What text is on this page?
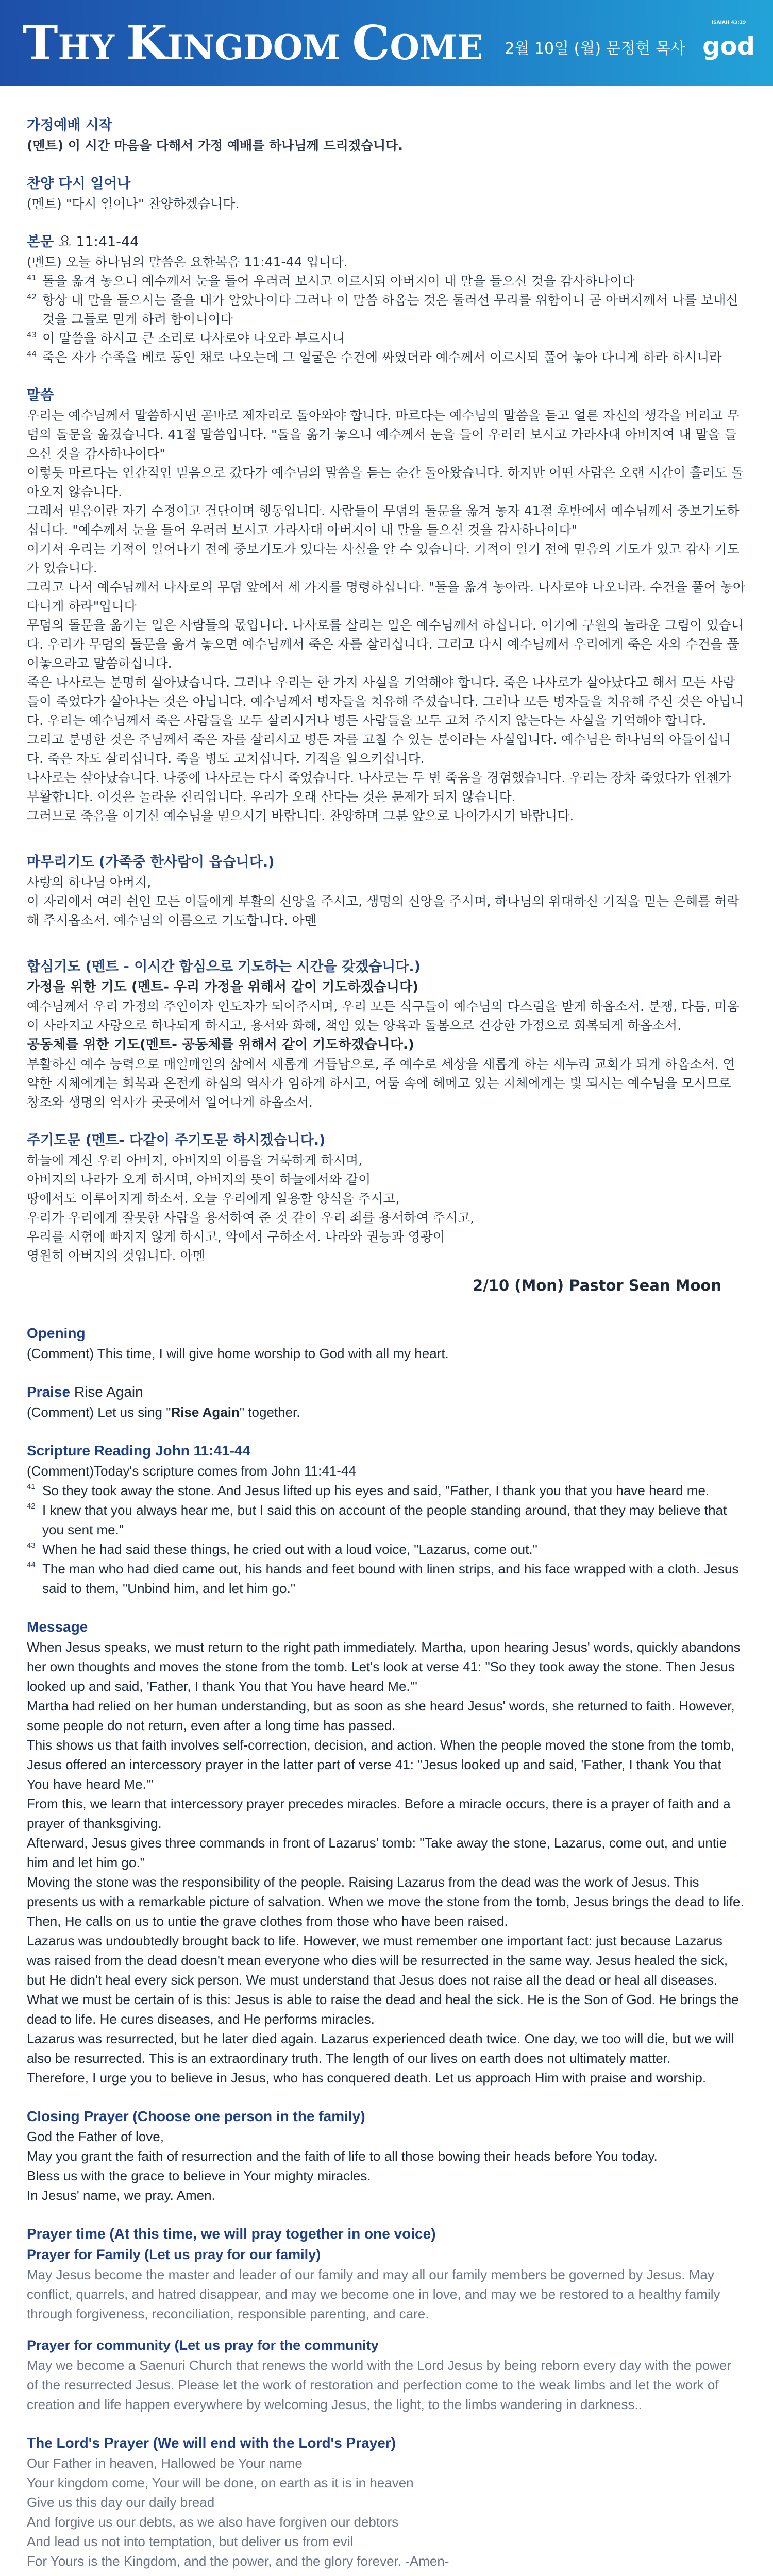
THY KINGDOM COME 2월 10일 (월) 문정현 목사
ISAIAH 43:19
god
가정예배 시작
(멘트) 이 시간 마음을 다해서 가정 예배를 하나님께 드리겠습니다.
찬양 다시 일어나
(멘트) "다시 일어나" 찬양하겠습니다.
본문 요 11:41-44
(멘트) 오늘 하나님의 말씀은 요한복음 11:41-44 입니다.
41 돌을 옮겨 놓으니 예수께서 눈을 들어 우러러 보시고 이르시되 아버지여 내 말을 들으신 것을 감사하나이다
42 항상 내 말을 들으시는 줄을 내가 알았나이다 그러나 이 말씀 하옵는 것은 둘러선 무리를 위함이니 곧 아버지께서 나를 보내신 것을 그들로 믿게 하려 함이니이다
43 이 말씀을 하시고 큰 소리로 나사로야 나오라 부르시니
44 죽은 자가 수족을 베로 동인 채로 나오는데 그 얼굴은 수건에 싸였더라 예수께서 이르시되 풀어 놓아 다니게 하라 하시니라
말씀
우리는 예수님께서 말씀하시면 곧바로 제자리로 돌아와야 합니다. 마르다는 예수님의 말씀을 듣고 얼른 자신의 생각을 버리고 무덤의 돌문을 옮겼습니다. 41절 말씀입니다. "돌을 옮겨 놓으니 예수께서 눈을 들어 우러러 보시고 가라사대 아버지여 내 말을 들으신 것을 감사하나이다"
이렇듯 마르다는 인간적인 믿음으로 갔다가 예수님의 말씀을 듣는 순간 돌아왔습니다. 하지만 어떤 사람은 오랜 시간이 흘러도 돌아오지 않습니다.
그래서 믿음이란 자기 수정이고 결단이며 행동입니다. 사람들이 무덤의 돌문을 옮겨 놓자 41절 후반에서 예수님께서 중보기도하십니다. "예수께서 눈을 들어 우러러 보시고 가라사대 아버지여 내 말을 들으신 것을 감사하나이다"
여기서 우리는 기적이 일어나기 전에 중보기도가 있다는 사실을 알 수 있습니다. 기적이 일기 전에 믿음의 기도가 있고 감사 기도가 있습니다.
그리고 나서 예수님께서 나사로의 무덤 앞에서 세 가지를 명령하십니다. "돌을 옮겨 놓아라. 나사로야 나오너라. 수건을 풀어 놓아 다니게 하라"입니다
무덤의 돌문을 옮기는 일은 사람들의 몫입니다. 나사로를 살리는 일은 예수님께서 하십니다. 여기에 구원의 놀라운 그림이 있습니다. 우리가 무덤의 돌문을 옮겨 놓으면 예수님께서 죽은 자를 살리십니다. 그리고 다시 예수님께서 우리에게 죽은 자의 수건을 풀어놓으라고 말씀하십니다.
죽은 나사로는 분명히 살아났습니다. 그러나 우리는 한 가지 사실을 기억해야 합니다. 죽은 나사로가 살아났다고 해서 모든 사람들이 죽었다가 살아나는 것은 아닙니다. 예수님께서 병자들을 치유해 주셨습니다. 그러나 모든 병자들을 치유해 주신 것은 아닙니다. 우리는 예수님께서 죽은 사람들을 모두 살리시거나 병든 사람들을 모두 고쳐 주시지 않는다는 사실을 기억해야 합니다.
그리고 분명한 것은 주님께서 죽은 자를 살리시고 병든 자를 고칠 수 있는 분이라는 사실입니다. 예수님은 하나님의 아들이십니다. 죽은 자도 살리십니다. 죽을 병도 고치십니다. 기적을 일으키십니다.
나사로는 살아났습니다. 나중에 나사로는 다시 죽었습니다. 나사로는 두 번 죽음을 경험했습니다. 우리는 장차 죽었다가 언젠가 부활합니다. 이것은 놀라운 진리입니다. 우리가 오래 산다는 것은 문제가 되지 않습니다.
그러므로 죽음을 이기신 예수님을 믿으시기 바랍니다. 찬양하며 그분 앞으로 나아가시기 바랍니다.
마무리기도 (가족중 한사람이 읍습니다.)
사랑의 하나님 아버지,
이 자리에서 여러 쉰인 모든 이들에게 부활의 신앙을 주시고, 생명의 신앙을 주시며, 하나님의 위대하신 기적을 믿는 은혜를 허락해 주시옵소서. 예수님의 이름으로 기도합니다. 아멘
합심기도 (멘트 - 이시간 합심으로 기도하는 시간을 갖겠습니다.)
가정을 위한 기도 (멘트- 우리 가정을 위해서 같이 기도하겠습니다)
예수님께서 우리 가정의 주인이자 인도자가 되어주시며, 우리 모든 식구들이 예수님의 다스림을 받게 하옵소서. 분쟁, 다툼, 미움이 사라지고 사랑으로 하나되게 하시고, 용서와 화해, 책임 있는 양육과 돌봄으로 건강한 가정으로 회복되게 하옵소서.
공동체를 위한 기도(멘트- 공동체를 위해서 같이 기도하겠습니다.)
부활하신 예수 능력으로 매일매일의 삶에서 새롭게 거듭남으로, 주 예수로 세상을 새롭게 하는 새누리 교회가 되게 하옵소서. 연약한 지체에게는 회복과 온전케 하심의 역사가 임하게 하시고, 어둠 속에 헤메고 있는 지체에게는 빛 되시는 예수님을 모시므로 창조와 생명의 역사가 곳곳에서 일어나게 하옵소서.
주기도문 (멘트- 다같이 주기도문 하시겠습니다.)
하늘에 계신 우리 아버지, 아버지의 이름을 거룩하게 하시며,
아버지의 나라가 오게 하시며, 아버지의 뜻이 하늘에서와 같이
땅에서도 이루어지게 하소서. 오늘 우리에게 일용할 양식을 주시고,
우리가 우리에게 잘못한 사람을 용서하여 준 것 같이 우리 죄를 용서하여 주시고,
우리를 시험에 빠지지 않게 하시고, 악에서 구하소서. 나라와 권능과 영광이
영원히 아버지의 것입니다. 아멘
2/10 (Mon) Pastor Sean Moon
Opening
(Comment) This time, I will give home worship to God with all my heart.
Praise Rise Again
(Comment) Let us sing "Rise Again" together.
Scripture Reading John 11:41-44
(Comment)Today's scripture comes from John 11:41-44
41 So they took away the stone. And Jesus lifted up his eyes and said, "Father, I thank you that you have heard me.
42 I knew that you always hear me, but I said this on account of the people standing around, that they may believe that you sent me."
43 When he had said these things, he cried out with a loud voice, "Lazarus, come out."
44 The man who had died came out, his hands and feet bound with linen strips, and his face wrapped with a cloth. Jesus said to them, "Unbind him, and let him go."
Message
When Jesus speaks, we must return to the right path immediately. Martha, upon hearing Jesus' words, quickly abandons her own thoughts and moves the stone from the tomb. Let's look at verse 41: "So they took away the stone. Then Jesus looked up and said, 'Father, I thank You that You have heard Me.'"
Martha had relied on her human understanding, but as soon as she heard Jesus' words, she returned to faith. However, some people do not return, even after a long time has passed.
This shows us that faith involves self-correction, decision, and action. When the people moved the stone from the tomb, Jesus offered an intercessory prayer in the latter part of verse 41: "Jesus looked up and said, 'Father, I thank You that You have heard Me.'"
From this, we learn that intercessory prayer precedes miracles. Before a miracle occurs, there is a prayer of faith and a prayer of thanksgiving.
Afterward, Jesus gives three commands in front of Lazarus' tomb: "Take away the stone, Lazarus, come out, and untie him and let him go."
Moving the stone was the responsibility of the people. Raising Lazarus from the dead was the work of Jesus. This presents us with a remarkable picture of salvation. When we move the stone from the tomb, Jesus brings the dead to life. Then, He calls on us to untie the grave clothes from those who have been raised.
Lazarus was undoubtedly brought back to life. However, we must remember one important fact: just because Lazarus was raised from the dead doesn't mean everyone who dies will be resurrected in the same way. Jesus healed the sick, but He didn't heal every sick person. We must understand that Jesus does not raise all the dead or heal all diseases.
What we must be certain of is this: Jesus is able to raise the dead and heal the sick. He is the Son of God. He brings the dead to life. He cures diseases, and He performs miracles.
Lazarus was resurrected, but he later died again. Lazarus experienced death twice. One day, we too will die, but we will also be resurrected. This is an extraordinary truth. The length of our lives on earth does not ultimately matter.
Therefore, I urge you to believe in Jesus, who has conquered death. Let us approach Him with praise and worship.
Closing Prayer (Choose one person in the family)
God the Father of love,
May you grant the faith of resurrection and the faith of life to all those bowing their heads before You today.
Bless us with the grace to believe in Your mighty miracles.
In Jesus' name, we pray. Amen.
Prayer time (At this time, we will pray together in one voice)
Prayer for Family (Let us pray for our family)
May Jesus become the master and leader of our family and may all our family members be governed by Jesus. May conflict, quarrels, and hatred disappear, and may we become one in love, and may we be restored to a healthy family through forgiveness, reconciliation, responsible parenting, and care.
Prayer for community (Let us pray for the community
May we become a Saenuri Church that renews the world with the Lord Jesus by being reborn every day with the power of the resurrected Jesus. Please let the work of restoration and perfection come to the weak limbs and let the work of creation and life happen everywhere by welcoming Jesus, the light, to the limbs wandering in darkness..
The Lord's Prayer (We will end with the Lord's Prayer)
Our Father in heaven, Hallowed be Your name
Your kingdom come, Your will be done, on earth as it is in heaven
Give us this day our daily bread
And forgive us our debts, as we also have forgiven our debtors
And lead us not into temptation, but deliver us from evil
For Yours is the Kingdom, and the power, and the glory forever. -Amen-
